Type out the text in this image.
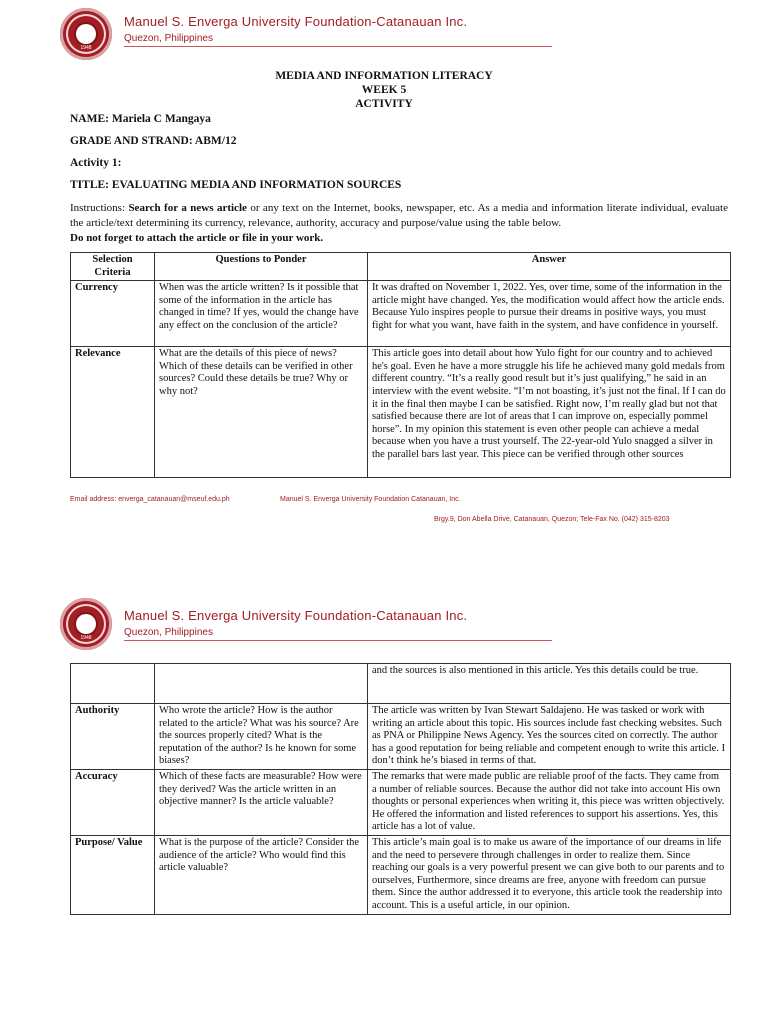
1948
Manuel S. Enverga University Foundation-Catanauan Inc.
Quezon, Philippines
MEDIA AND INFORMATION LITERACY
WEEK 5
ACTIVITY
NAME: Mariela C Mangaya
GRADE AND STRAND: ABM/12
Activity 1:
TITLE: EVALUATING MEDIA AND INFORMATION SOURCES
Instructions: Search for a news article or any text on the Internet, books, newspaper, etc. As a media and information literate individual, evaluate the article/text determining its currency, relevance, authority, accuracy and purpose/value using the table below.
Do not forget to attach the article or file in your work.
Selection Criteria	Questions to Ponder	Answer
Currency	When was the article written? Is it possible that some of the information in the article has changed in time? If yes, would the change have any effect on the conclusion of the article?	It was drafted on November 1, 2022. Yes, over time, some of the information in the article might have changed. Yes, the modification would affect how the article ends. Because Yulo inspires people to pursue their dreams in positive ways, you must fight for what you want, have faith in the system, and have confidence in yourself.
Relevance	What are the details of this piece of news? Which of these details can be verified in other sources? Could these details be true? Why or why not?	This article goes into detail about how Yulo fight for our country and to achieved he's goal. Even he have a more struggle his life he achieved many gold medals from different country. “It’s a really good result but it’s just qualifying,” he said in an interview with the event website. “I’m not boasting, it’s just not the final. If I can do it in the final then maybe I can be satisfied. Right now, I’m really glad but not that satisfied because there are lot of areas that I can improve on, especially pommel horse”. In my opinion this statement is even other people can achieve a medal because when you have a trust yourself. The 22-year-old Yulo snagged a silver in the parallel bars last year. This piece can be verified through other sources
Email address: enverga_catanauan@mseuf.edu.ph	Manuel S. Enverga University Foundation Catanauan, Inc.
Brgy.9, Don Abella Drive, Catanauan, Quezon; Tele-Fax No. (042) 315-8203
1948
Manuel S. Enverga University Foundation-Catanauan Inc.
Quezon, Philippines
		and the sources is also mentioned in this article. Yes this details could be true.
Authority	Who wrote the article? How is the author related to the article? What was his source? Are the sources properly cited? What is the reputation of the author? Is he known for some biases?	The article was written by Ivan Stewart Saldajeno. He was tasked or work with writing an article about this topic. His sources include fast checking websites. Such as PNA or Philippine News Agency. Yes the sources cited on correctly. The author has a good reputation for being reliable and competent enough to write this article. I don’t think he’s biased in terms of that.
Accuracy	Which of these facts are measurable? How were they derived? Was the article written in an objective manner? Is the article valuable?	The remarks that were made public are reliable proof of the facts. They came from a number of reliable sources. Because the author did not take into account His own thoughts or personal experiences when writing it, this piece was written objectively. He offered the information and listed references to support his assertions. Yes, this article has a lot of value.
Purpose/ Value	What is the purpose of the article? Consider the audience of the article? Who would find this article valuable?	This article’s main goal is to make us aware of the importance of our dreams in life and the need to persevere through challenges in order to realize them. Since reaching our goals is a very powerful present we can give both to our parents and to ourselves, Furthermore, since dreams are free, anyone with freedom can pursue them. Since the author addressed it to everyone, this article took the readership into account. This is a useful article, in our opinion.
